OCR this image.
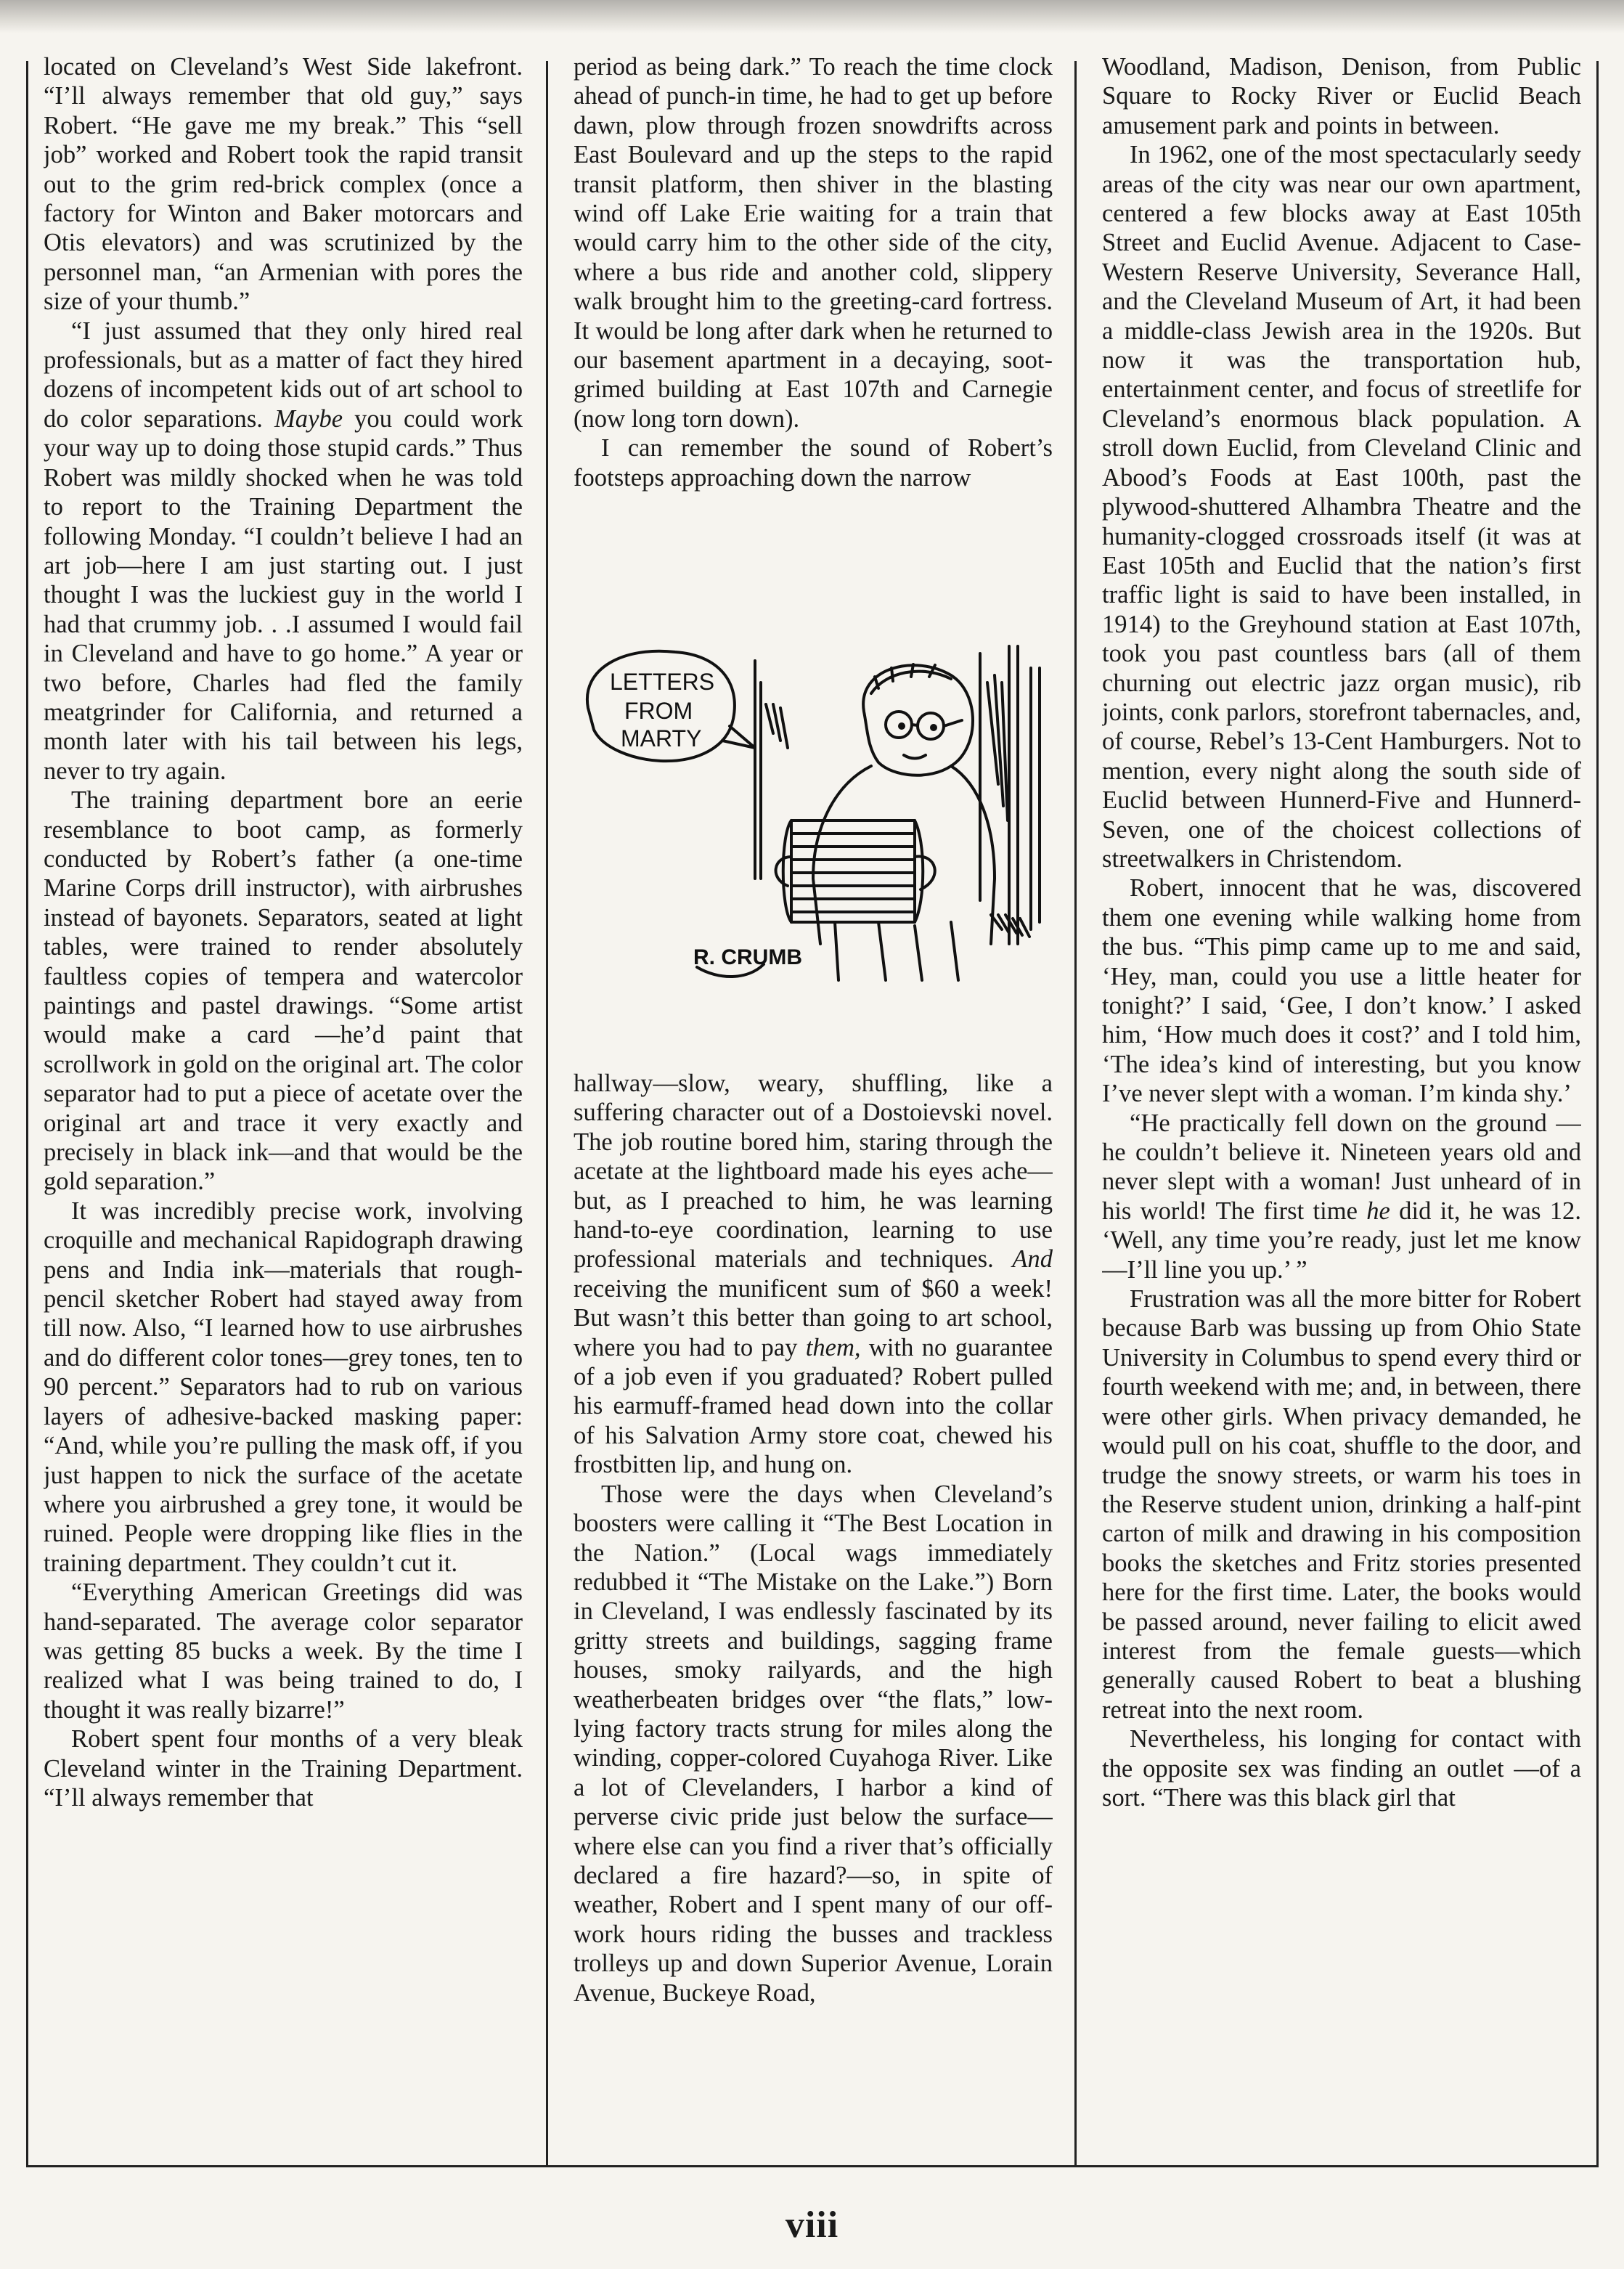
located on Cleveland’s West Side lakefront. “I’ll always remember that old guy,” says Robert. “He gave me my break.” This “sell job” worked and Robert took the rapid transit out to the grim red-brick complex (once a factory for Winton and Baker motorcars and Otis elevators) and was scrutinized by the personnel man, “an Armenian with pores the size of your thumb.”

“I just assumed that they only hired real professionals, but as a matter of fact they hired dozens of incompetent kids out of art school to do color separations. Maybe you could work your way up to doing those stupid cards.” Thus Robert was mildly shocked when he was told to report to the Training Department the following Monday. “I couldn’t believe I had an art job—here I am just starting out. I just thought I was the luckiest guy in the world I had that crummy job. . .I assumed I would fail in Cleveland and have to go home.” A year or two before, Charles had fled the family meatgrinder for California, and returned a month later with his tail between his legs, never to try again.

The training department bore an eerie resemblance to boot camp, as formerly conducted by Robert’s father (a one-time Marine Corps drill instructor), with airbrushes instead of bayonets. Separators, seated at light tables, were trained to render absolutely faultless copies of tempera and watercolor paintings and pastel drawings. “Some artist would make a card —he’d paint that scrollwork in gold on the original art. The color separator had to put a piece of acetate over the original art and trace it very exactly and precisely in black ink—and that would be the gold separation.”

It was incredibly precise work, involving croquille and mechanical Rapidograph drawing pens and India ink—materials that rough-pencil sketcher Robert had stayed away from till now. Also, “I learned how to use airbrushes and do different color tones—grey tones, ten to 90 percent.” Separators had to rub on various layers of adhesive-backed masking paper: “And, while you’re pulling the mask off, if you just happen to nick the surface of the acetate where you airbrushed a grey tone, it would be ruined. People were dropping like flies in the training department. They couldn’t cut it.

“Everything American Greetings did was hand-separated. The average color separator was getting 85 bucks a week. By the time I realized what I was being trained to do, I thought it was really bizarre!”

Robert spent four months of a very bleak Cleveland winter in the Training Department. “I’ll always remember that

period as being dark.” To reach the time clock ahead of punch-in time, he had to get up before dawn, plow through frozen snowdrifts across East Boulevard and up the steps to the rapid transit platform, then shiver in the blasting wind off Lake Erie waiting for a train that would carry him to the other side of the city, where a bus ride and another cold, slippery walk brought him to the greeting-card fortress. It would be long after dark when he returned to our basement apartment in a decaying, soot-grimed building at East 107th and Carnegie (now long torn down).

I can remember the sound of Robert’s footsteps approaching down the narrow

hallway—slow, weary, shuffling, like a suffering character out of a Dostoievski novel. The job routine bored him, staring through the acetate at the lightboard made his eyes ache—but, as I preached to him, he was learning hand-to-eye coordination, learning to use professional materials and techniques. And receiving the munificent sum of $60 a week! But wasn’t this better than going to art school, where you had to pay them, with no guarantee of a job even if you graduated? Robert pulled his earmuff-framed head down into the collar of his Salvation Army store coat, chewed his frostbitten lip, and hung on.

Those were the days when Cleveland’s boosters were calling it “The Best Location in the Nation.” (Local wags immediately redubbed it “The Mistake on the Lake.”) Born in Cleveland, I was endlessly fascinated by its gritty streets and buildings, sagging frame houses, smoky railyards, and the high weatherbeaten bridges over “the flats,” low-lying factory tracts strung for miles along the winding, copper-colored Cuyahoga River. Like a lot of Clevelanders, I harbor a kind of perverse civic pride just below the surface—where else can you find a river that’s officially declared a fire hazard?—so, in spite of weather, Robert and I spent many of our off-work hours riding the busses and trackless trolleys up and down Superior Avenue, Lorain Avenue, Buckeye Road,

LETTERS
FROM
MARTY
R. CRUMB

Woodland, Madison, Denison, from Public Square to Rocky River or Euclid Beach amusement park and points in between.

In 1962, one of the most spectacularly seedy areas of the city was near our own apartment, centered a few blocks away at East 105th Street and Euclid Avenue. Adjacent to Case-Western Reserve University, Severance Hall, and the Cleveland Museum of Art, it had been a middle-class Jewish area in the 1920s. But now it was the transportation hub, entertainment center, and focus of streetlife for Cleveland’s enormous black population. A stroll down Euclid, from Cleveland Clinic and Abood’s Foods at East 100th, past the plywood-shuttered Alhambra Theatre and the humanity-clogged crossroads itself (it was at East 105th and Euclid that the nation’s first traffic light is said to have been installed, in 1914) to the Greyhound station at East 107th, took you past countless bars (all of them churning out electric jazz organ music), rib joints, conk parlors, storefront tabernacles, and, of course, Rebel’s 13-Cent Hamburgers. Not to mention, every night along the south side of Euclid between Hunnerd-Five and Hunnerd-Seven, one of the choicest collections of streetwalkers in Christendom.

Robert, innocent that he was, discovered them one evening while walking home from the bus. “This pimp came up to me and said, ‘Hey, man, could you use a little heater for tonight?’ I said, ‘Gee, I don’t know.’ I asked him, ‘How much does it cost?’ and I told him, ‘The idea’s kind of interesting, but you know I’ve never slept with a woman. I’m kinda shy.’

“He practically fell down on the ground —he couldn’t believe it. Nineteen years old and never slept with a woman! Just unheard of in his world! The first time he did it, he was 12. ‘Well, any time you’re ready, just let me know—I’ll line you up.’ ”

Frustration was all the more bitter for Robert because Barb was bussing up from Ohio State University in Columbus to spend every third or fourth weekend with me; and, in between, there were other girls. When privacy demanded, he would pull on his coat, shuffle to the door, and trudge the snowy streets, or warm his toes in the Reserve student union, drinking a half-pint carton of milk and drawing in his composition books the sketches and Fritz stories presented here for the first time. Later, the books would be passed around, never failing to elicit awed interest from the female guests—which generally caused Robert to beat a blushing retreat into the next room.

Nevertheless, his longing for contact with the opposite sex was finding an outlet —of a sort. “There was this black girl that

viii
